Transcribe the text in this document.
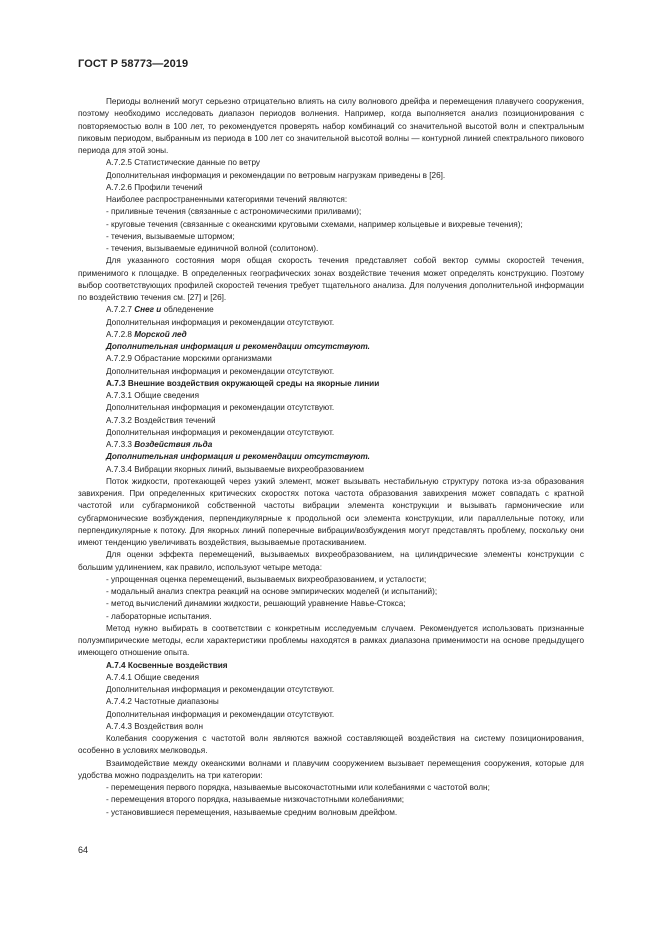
ГОСТ Р 58773—2019

Периоды волнений могут серьезно отрицательно влиять на силу волнового дрейфа и перемещения плавучего сооружения, поэтому необходимо исследовать диапазон периодов волнения. Например, когда выполняется анализ позиционирования с повторяемостью волн в 100 лет, то рекомендуется проверять набор комбинаций со значительной высотой волн и спектральным пиковым периодом, выбранным из периода в 100 лет со значительной высотой волны — контурной линией спектрального пикового периода для этой зоны.

А.7.2.5 Статистические данные по ветру

Дополнительная информация и рекомендации по ветровым нагрузкам приведены в [26].

А.7.2.6 Профили течений

Наиболее распространенными категориями течений являются:

- приливные течения (связанные с астрономическими приливами);

- круговые течения (связанные с океанскими круговыми схемами, например кольцевые и вихревые течения);

- течения, вызываемые штормом;

- течения, вызываемые единичной волной (солитоном).

Для указанного состояния моря общая скорость течения представляет собой вектор суммы скоростей течения, применимого к площадке. В определенных географических зонах воздействие течения может определять конструкцию. Поэтому выбор соответствующих профилей скоростей течения требует тщательного анализа. Для получения дополнительной информации по воздействию течения см. [27] и [26].

А.7.2.7 Снег и обледенение

Дополнительная информация и рекомендации отсутствуют.

А.7.2.8 Морской лед

Дополнительная информация и рекомендации отсутствуют.

А.7.2.9 Обрастание морскими организмами

Дополнительная информация и рекомендации отсутствуют.

А.7.3 Внешние воздействия окружающей среды на якорные линии

А.7.3.1 Общие сведения

Дополнительная информация и рекомендации отсутствуют.

А.7.3.2 Воздействия течений

Дополнительная информация и рекомендации отсутствуют.

А.7.3.3 Воздействия льда

Дополнительная информация и рекомендации отсутствуют.

А.7.3.4 Вибрации якорных линий, вызываемые вихреобразованием

Поток жидкости, протекающей через узкий элемент, может вызывать нестабильную структуру потока из-за образования завихрения. При определенных критических скоростях потока частота образования завихрения может совпадать с кратной частотой или субгармоникой собственной частоты вибрации элемента конструкции и вызывать гармонические или субгармонические возбуждения, перпендикулярные к продольной оси элемента конструкции, или параллельные потоку, или перпендикулярные к потоку. Для якорных линий поперечные вибрации/возбуждения могут представлять проблему, поскольку они имеют тенденцию увеличивать воздействия, вызываемые протаскиванием.

Для оценки эффекта перемещений, вызываемых вихреобразованием, на цилиндрические элементы конструкции с большим удлинением, как правило, используют четыре метода:

- упрощенная оценка перемещений, вызываемых вихреобразованием, и усталости;

- модальный анализ спектра реакций на основе эмпирических моделей (и испытаний);

- метод вычислений динамики жидкости, решающий уравнение Навье-Стокса;

- лабораторные испытания.

Метод нужно выбирать в соответствии с конкретным исследуемым случаем. Рекомендуется использовать признанные полуэмпирические методы, если характеристики проблемы находятся в рамках диапазона применимости на основе предыдущего имеющего отношение опыта.

А.7.4 Косвенные воздействия

А.7.4.1 Общие сведения

Дополнительная информация и рекомендации отсутствуют.

А.7.4.2 Частотные диапазоны

Дополнительная информация и рекомендации отсутствуют.

А.7.4.3 Воздействия волн

Колебания сооружения с частотой волн являются важной составляющей воздействия на систему позиционирования, особенно в условиях мелководья.

Взаимодействие между океанскими волнами и плавучим сооружением вызывает перемещения сооружения, которые для удобства можно подразделить на три категории:

- перемещения первого порядка, называемые высокочастотными или колебаниями с частотой волн;

- перемещения второго порядка, называемые низкочастотными колебаниями;

- установившиеся перемещения, называемые средним волновым дрейфом.

64
